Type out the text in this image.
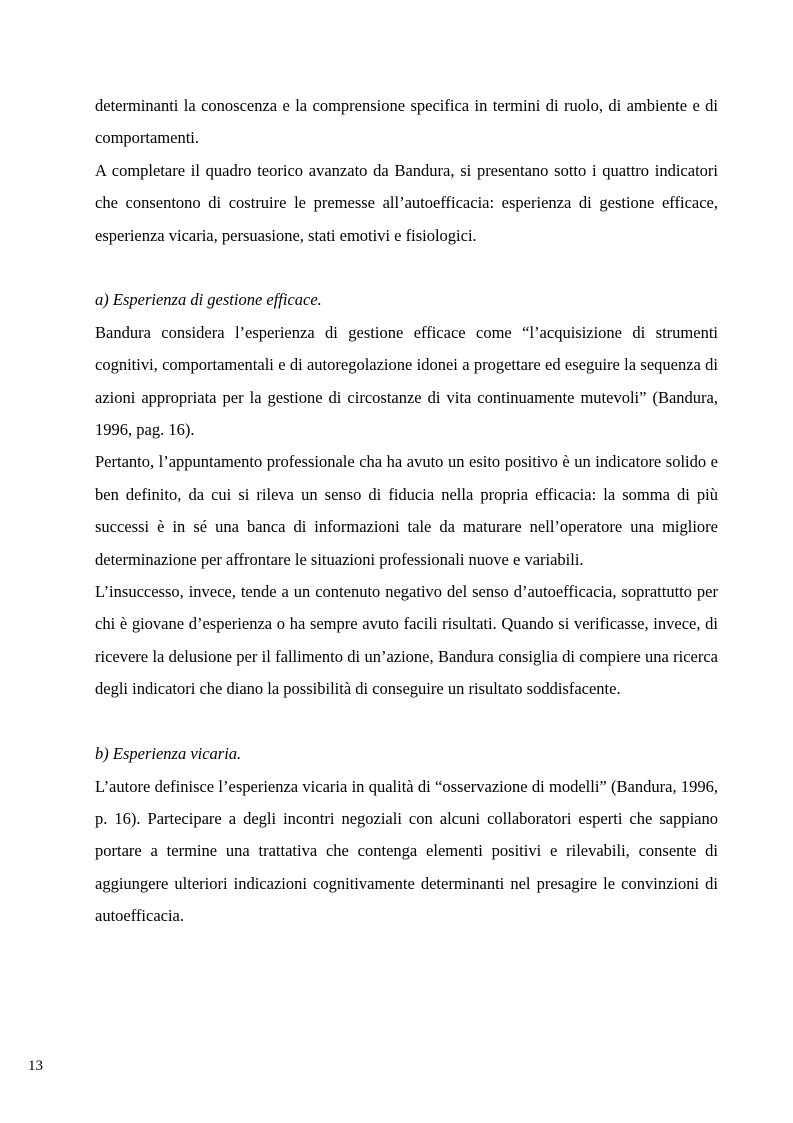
determinanti la conoscenza e la comprensione specifica in termini di ruolo, di ambiente e di comportamenti.

A completare il quadro teorico avanzato da Bandura, si presentano sotto i quattro indicatori che consentono di costruire le premesse all’autoefficacia: esperienza di gestione efficace, esperienza vicaria, persuasione, stati emotivi e fisiologici.

a) Esperienza di gestione efficace.

Bandura considera l’esperienza di gestione efficace come “l’acquisizione di strumenti cognitivi, comportamentali e di autoregolazione idonei a progettare ed eseguire la sequenza di azioni appropriata per la gestione di circostanze di vita continuamente mutevoli” (Bandura, 1996, pag. 16).

Pertanto, l’appuntamento professionale cha ha avuto un esito positivo è un indicatore solido e ben definito, da cui si rileva un senso di fiducia nella propria efficacia: la somma di più successi è in sé una banca di informazioni tale da maturare nell’operatore una migliore determinazione per affrontare le situazioni professionali nuove e variabili.

L’insuccesso, invece, tende a un contenuto negativo del senso d’autoefficacia, soprattutto per chi è giovane d’esperienza o ha sempre avuto facili risultati. Quando si verificasse, invece, di ricevere la delusione per il fallimento di un’azione, Bandura consiglia di compiere una ricerca degli indicatori che diano la possibilità di conseguire un risultato soddisfacente.

b) Esperienza vicaria.

L’autore definisce l’esperienza vicaria in qualità di “osservazione di modelli” (Bandura, 1996, p. 16). Partecipare a degli incontri negoziali con alcuni collaboratori esperti che sappiano portare a termine una trattativa che contenga elementi positivi e rilevabili, consente di aggiungere ulteriori indicazioni cognitivamente determinanti nel presagire le convinzioni di autoefficacia.

13
